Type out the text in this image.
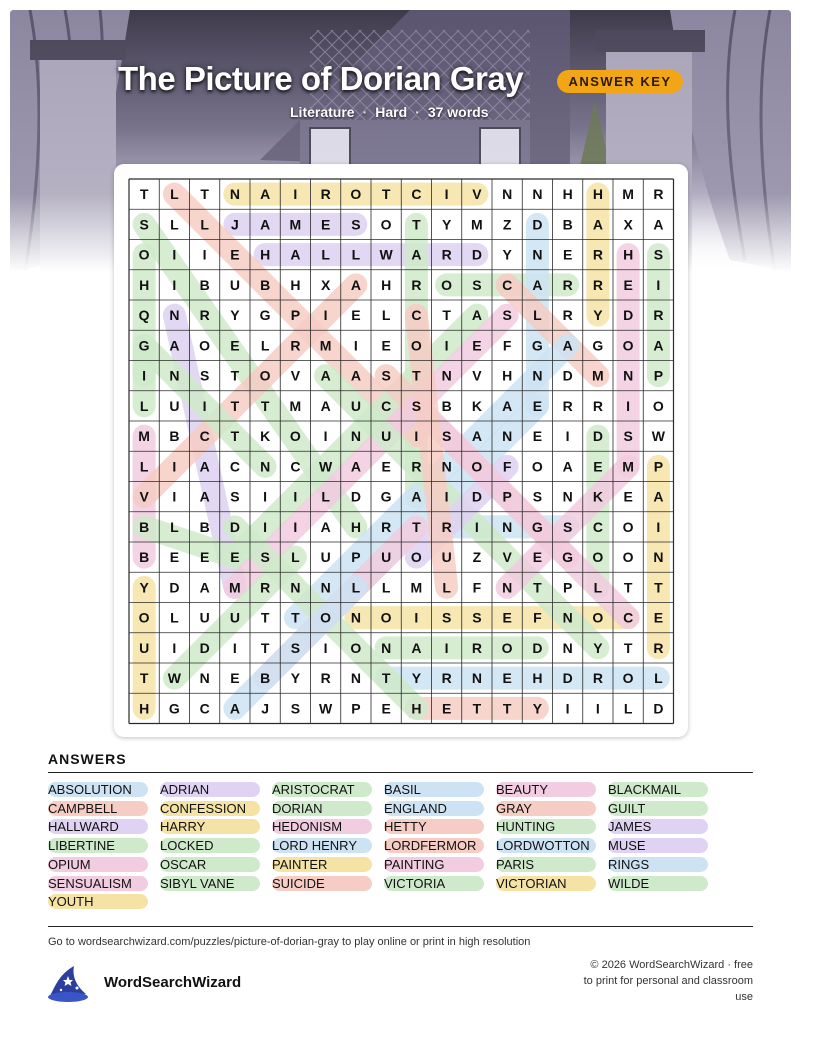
The Picture of Dorian Gray	ANSWER KEY
Literature · Hard · 37 words
T L T N A I R O T C I V N N H H M R
S L L J A M E S O T Y M Z D B A X A
O I I E H A L L W A R D Y N E R H S
H I B U B H X A H R O S C A R R E I
Q N R Y G P I E L C T A S L R Y D R
G A O E L R M I E O I E F G A G O A
I N S T O V A A S T N V H N D M N P
L U I T T M A U C S B K A E R R I O
M B C T K O I N U I S A N E I D S W
L I A C N C W A E R N O F O A E M P
V I A S I I L D G A I D P S N K E A
B L B D I I A H R T R I N G S C O I
B E E E S L U P U O U Z V E G O O N
Y D A M R N N L L M L F N T P L T T
O L U U T T O N O I S S E F N O C E
U I D I T S I O N A I R O D N Y T R
T W N E B Y R N T Y R N E H D R O L
H G C A J S W P E H E T T Y I I L D
ANSWERS
ABSOLUTION	ADRIAN	ARISTOCRAT	BASIL	BEAUTY	BLACKMAIL
CAMPBELL	CONFESSION	DORIAN	ENGLAND	GRAY	GUILT
HALLWARD	HARRY	HEDONISM	HETTY	HUNTING	JAMES
LIBERTINE	LOCKED	LORD HENRY	LORDFERMOR	LORDWOTTON	MUSE
OPIUM	OSCAR	PAINTER	PAINTING	PARIS	RINGS
SENSUALISM	SIBYL VANE	SUICIDE	VICTORIA	VICTORIAN	WILDE
YOUTH
Go to wordsearchwizard.com/puzzles/picture-of-dorian-gray to play online or print in high resolution
WordSearchWizard
© 2026 WordSearchWizard · free to print for personal and classroom use
